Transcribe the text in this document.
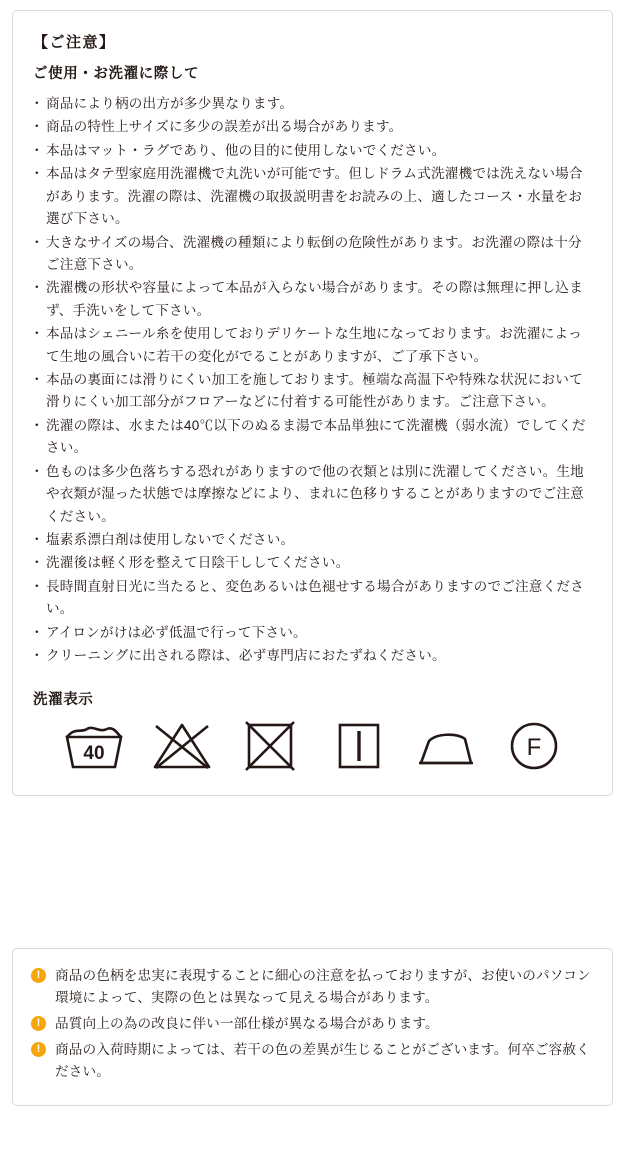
【ご注意】
ご使用・お洗濯に際して
・ 商品により柄の出方が多少異なります。
・ 商品の特性上サイズに多少の誤差が出る場合があります。
・ 本品はマット・ラグであり、他の目的に使用しないでください。
・ 本品はタテ型家庭用洗濯機で丸洗いが可能です。但しドラム式洗濯機では洗えない場合があります。洗濯の際は、洗濯機の取扱説明書をお読みの上、適したコース・水量をお選び下さい。
・ 大きなサイズの場合、洗濯機の種類により転倒の危険性があります。お洗濯の際は十分ご注意下さい。
・ 洗濯機の形状や容量によって本品が入らない場合があります。その際は無理に押し込まず、手洗いをして下さい。
・ 本品はシェニール糸を使用しておりデリケートな生地になっております。お洗濯によって生地の風合いに若干の変化がでることがありますが、ご了承下さい。
・ 本品の裏面には滑りにくい加工を施しております。極端な高温下や特殊な状況において滑りにくい加工部分がフロアーなどに付着する可能性があります。ご注意下さい。
・ 洗濯の際は、水または40℃以下のぬるま湯で本品単独にて洗濯機（弱水流）でしてください。
・ 色ものは多少色落ちする恐れがありますので他の衣類とは別に洗濯してください。生地や衣類が湿った状態では摩擦などにより、まれに色移りすることがありますのでご注意ください。
・ 塩素系漂白剤は使用しないでください。
・ 洗濯後は軽く形を整えて日陰干ししてください。
・ 長時間直射日光に当たると、変色あるいは色褪せする場合がありますのでご注意ください。
・ アイロンがけは必ず低温で行って下さい。
・ クリーニングに出される際は、必ず専門店におたずねください。
洗濯表示
40	F
!	商品の色柄を忠実に表現することに細心の注意を払っておりますが、お使いのパソコン環境によって、実際の色とは異なって見える場合があります。
!	品質向上の為の改良に伴い一部仕様が異なる場合があります。
!	商品の入荷時期によっては、若干の色の差異が生じることがございます。何卒ご容赦ください。
